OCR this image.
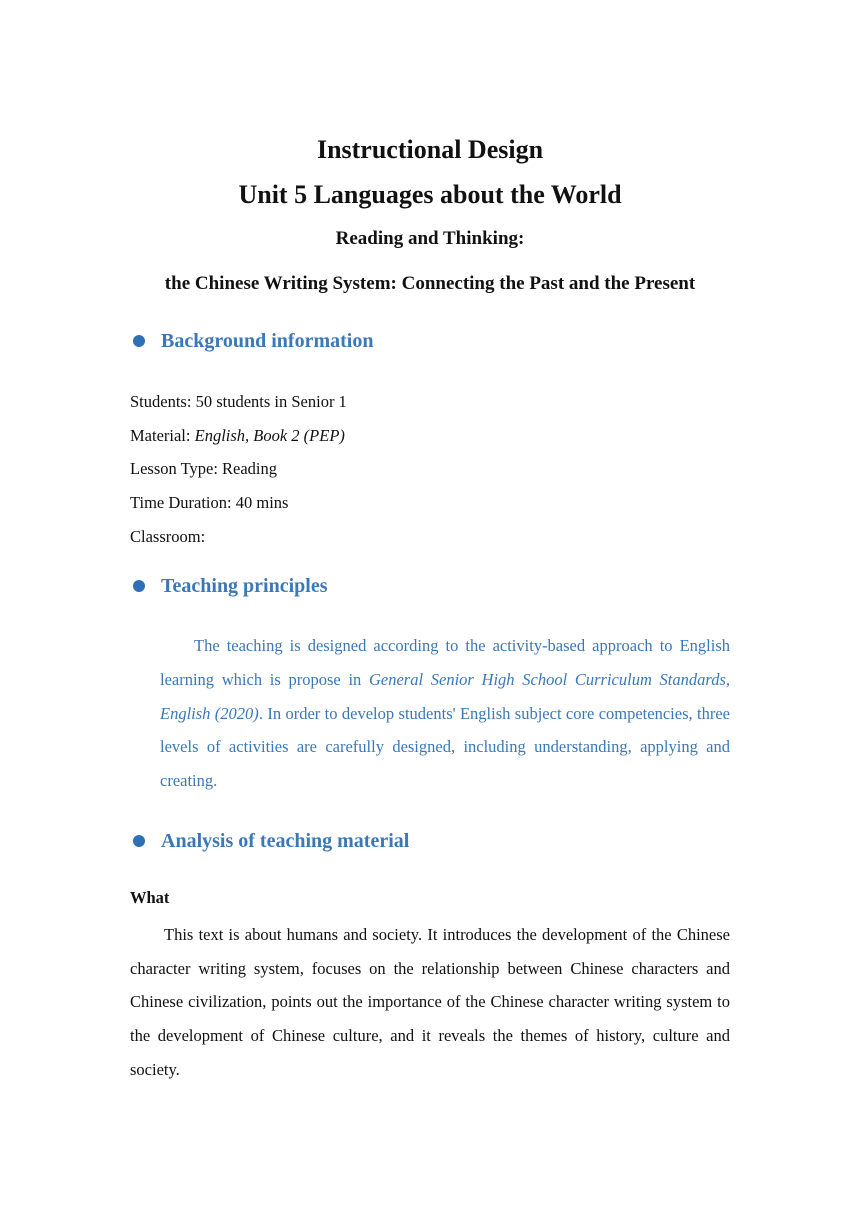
Instructional Design
Unit 5 Languages about the World
Reading and Thinking:
the Chinese Writing System: Connecting the Past and the Present
Background information
Students: 50 students in Senior 1
Material: English, Book 2 (PEP)
Lesson Type: Reading
Time Duration: 40 mins
Classroom:
Teaching principles

The teaching is designed according to the activity-based approach to English learning which is propose in General Senior High School Curriculum Standards, English (2020). In order to develop students' English subject core competencies, three levels of activities are carefully designed, including understanding, applying and creating.

Analysis of teaching material
What

This text is about humans and society. It introduces the development of the Chinese character writing system, focuses on the relationship between Chinese characters and Chinese civilization, points out the importance of the Chinese character writing system to the development of Chinese culture, and it reveals the themes of history, culture and society.
